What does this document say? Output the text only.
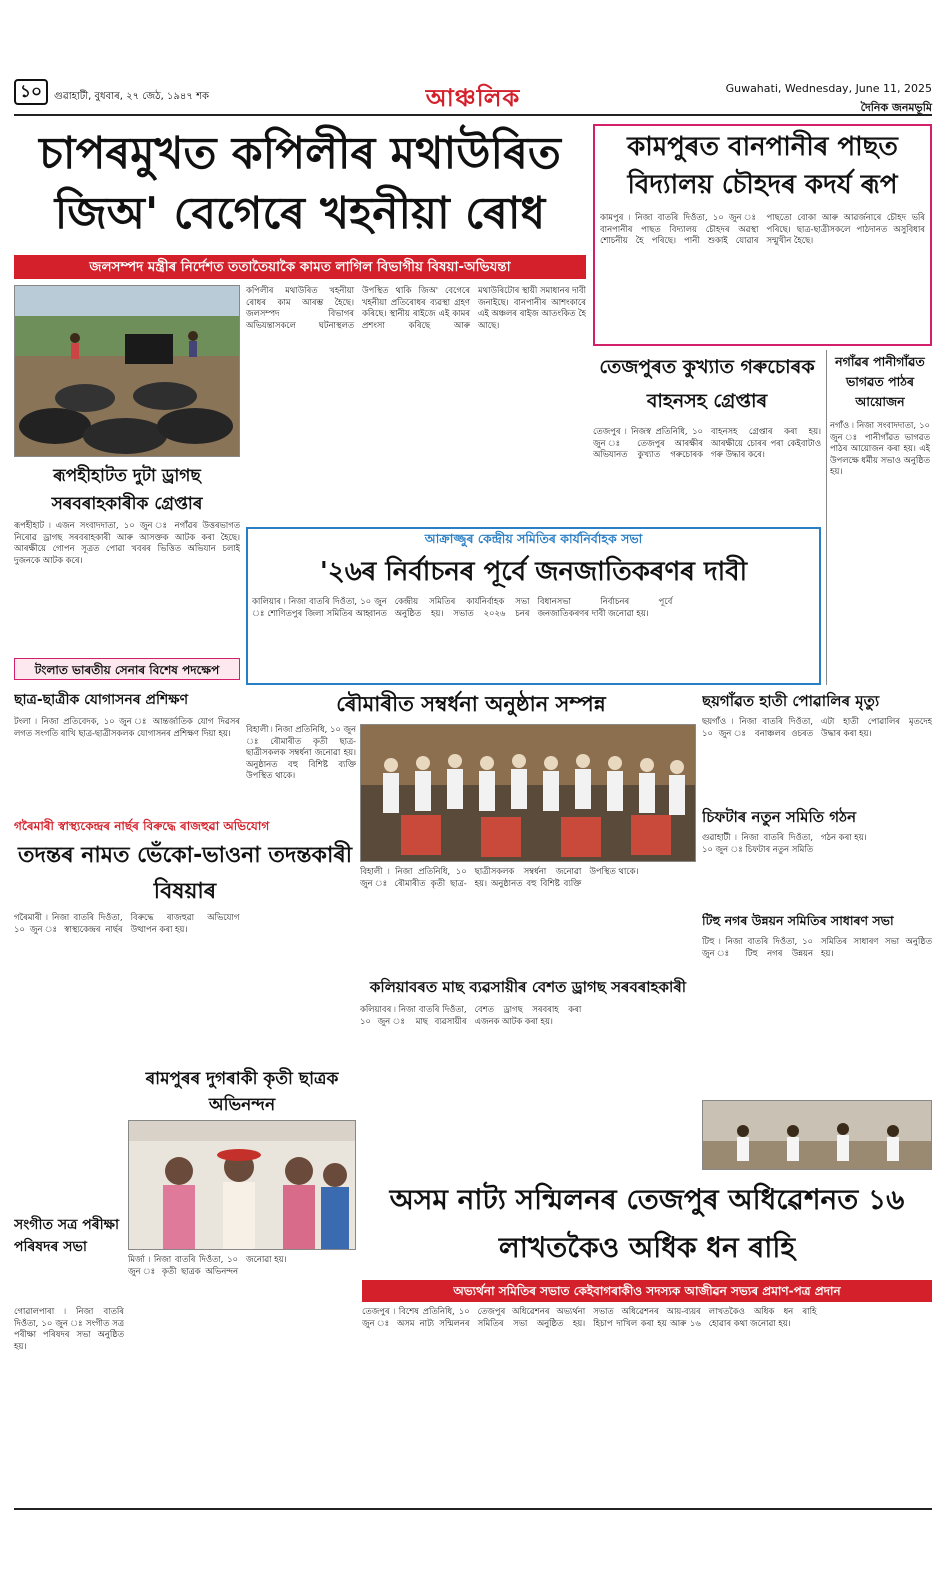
১০	গুৱাহাটী, বুধবাৰ, ২৭ জেঠ, ১৯৪৭ শক	আঞ্চলিক	Guwahati, Wednesday, June 11, 2025
দৈনিক জনমভূমি
চাপৰমুখত কপিলীৰ মথাউৰিত জিঅ' বেগেৰে খহনীয়া ৰোধ
জলসম্পদ মন্ত্ৰীৰ নিৰ্দেশত ততাতৈয়াকৈ কামত লাগিল বিভাগীয় বিষয়া-অভিযন্তা
কপিলীৰ মথাউৰিত খহনীয়া ৰোধৰ কাম আৰম্ভ হৈছে। জলসম্পদ বিভাগৰ অভিযন্তাসকলে ঘটনাস্থলত উপস্থিত থাকি জিঅ' বেগেৰে খহনীয়া প্ৰতিৰোধৰ ব্যৱস্থা গ্ৰহণ কৰিছে। স্থানীয় ৰাইজে এই কামৰ প্ৰশংসা কৰিছে আৰু মথাউৰিটোৰ স্থায়ী সমাধানৰ দাবী জনাইছে। বানপানীৰ আশংকাৰে এই অঞ্চলৰ ৰাইজ আতংকিত হৈ আছে।
কামপুৰত বানপানীৰ পাছত বিদ্যালয় চৌহদৰ কদৰ্য ৰূপ
কামপুৰ ৷ নিজা বাতৰি দিওঁতা, ১০ জুন ঃ বানপানীৰ পাছত বিদ্যালয় চৌহদৰ অৱস্থা শোচনীয় হৈ পৰিছে। পানী শুকাই যোৱাৰ পাছতো বোকা আৰু আৱৰ্জনাৰে চৌহদ ভৰি পৰিছে। ছাত্ৰ-ছাত্ৰীসকলে পাঠদানত অসুবিধাৰ সন্মুখীন হৈছে।
তেজপুৰত কুখ্যাত গৰুচোৰক বাহনসহ গ্ৰেপ্তাৰ
তেজপুৰ ৷ নিজস্ব প্ৰতিনিধি, ১০ জুন ঃ তেজপুৰ আৰক্ষীৰ অভিযানত কুখ্যাত গৰুচোৰক বাহনসহ গ্ৰেপ্তাৰ কৰা হয়। আৰক্ষীয়ে চোৰৰ পৰা কেইবাটাও গৰু উদ্ধাৰ কৰে।
নগাঁৱৰ পানীগাঁৱত ভাগৱত পাঠৰ আয়োজন
নগাঁও ৷ নিজা সংবাদদাতা, ১০ জুন ঃ পানীগাঁৱত ভাগৱত পাঠৰ আয়োজন কৰা হয়। এই উপলক্ষে ধৰ্মীয় সভাও অনুষ্ঠিত হয়।
ৰূপহীহাটত দুটা ড্ৰাগছ সৰবৰাহকাৰীক গ্ৰেপ্তাৰ
ৰূপহীহাট ৷ এজন সংবাদদাতা, ১০ জুন ঃ নগাঁৱৰ উত্তৰভাগত নিৰোৱ ড্ৰাগছ সৰবৰাহকাৰী আৰু আসক্তক আটক কৰা হৈছে। আৰক্ষীয়ে গোপন সূত্ৰত পোৱা খবৰৰ ভিত্তিত অভিযান চলাই দুজনকে আটক কৰে।
টংলাত ভাৰতীয় সেনাৰ বিশেষ পদক্ষেপ
আক্ৰাজ্জুৰ কেন্দ্ৰীয় সমিতিৰ কাৰ্যনিৰ্বাহক সভা
'২৬ৰ নিৰ্বাচনৰ পূৰ্বে জনজাতিকৰণৰ দাবী
কালিয়াৰ ৷ নিজা বাতৰি দিওঁতা, ১০ জুন ঃ শোণিতপুৰ জিলা সমিতিৰ আহ্বানত কেন্দ্ৰীয় সমিতিৰ কাৰ্যনিৰ্বাহক সভা অনুষ্ঠিত হয়। সভাত ২০২৬ চনৰ বিধানসভা নিৰ্বাচনৰ পূৰ্বে জনজাতিকৰণৰ দাবী জনোৱা হয়।
ছাত্ৰ-ছাত্ৰীক যোগাসনৰ প্ৰশিক্ষণ
টংলা ৷ নিজা প্ৰতিবেদক, ১০ জুন ঃ আন্তৰ্জাতিক যোগ দিৱসৰ লগত সংগতি ৰাখি ছাত্ৰ-ছাত্ৰীসকলক যোগাসনৰ প্ৰশিক্ষণ দিয়া হয়।
ৰৌমাৰীত সম্বৰ্ধনা অনুষ্ঠান সম্পন্ন
বিহালী ৷ নিজা প্ৰতিনিধি, ১০ জুন ঃ ৰৌমাৰীত কৃতী ছাত্ৰ-ছাত্ৰীসকলক সম্বৰ্ধনা জনোৱা হয়। অনুষ্ঠানত বহু বিশিষ্ট ব্যক্তি উপস্থিত থাকে।
ছয়গাঁৱত হাতী পোৱালিৰ মৃত্যু
ছয়গাঁও ৷ নিজা বাতৰি দিওঁতা, ১০ জুন ঃ বনাঞ্চলৰ ওচৰত এটা হাতী পোৱালিৰ মৃতদেহ উদ্ধাৰ কৰা হয়।
চিফটাৰ নতুন সমিতি গঠন
গুৱাহাটী ৷ নিজা বাতৰি দিওঁতা, ১০ জুন ঃ চিফটাৰ নতুন সমিতি গঠন কৰা হয়।
টিহু নগৰ উন্নয়ন সমিতিৰ সাধাৰণ সভা
টিহু ৷ নিজা বাতৰি দিওঁতা, ১০ জুন ঃ টিহু নগৰ উন্নয়ন সমিতিৰ সাধাৰণ সভা অনুষ্ঠিত হয়।
গৰৈমাৰী স্বাস্থ্যকেন্দ্ৰৰ নাৰ্ছৰ বিৰুদ্ধে ৰাজহুৱা অভিযোগ
তদন্তৰ নামত ভেঁকো-ভাওনা তদন্তকাৰী বিষয়াৰ
গৰৈমাৰী ৷ নিজা বাতৰি দিওঁতা, ১০ জুন ঃ স্বাস্থ্যকেন্দ্ৰৰ নাৰ্ছৰ বিৰুদ্ধে ৰাজহুৱা অভিযোগ উত্থাপন কৰা হয়।
বিহালী ৷ নিজা প্ৰতিনিধি, ১০ জুন ঃ ৰৌমাৰীত কৃতী ছাত্ৰ-ছাত্ৰীসকলক সম্বৰ্ধনা জনোৱা হয়। অনুষ্ঠানত বহু বিশিষ্ট ব্যক্তি উপস্থিত থাকে।
কলিয়াবৰত মাছ ব্যৱসায়ীৰ বেশত ড্ৰাগছ সৰবৰাহকাৰী
কলিয়াবৰ ৷ নিজা বাতৰি দিওঁতা, ১০ জুন ঃ মাছ ব্যৱসায়ীৰ বেশত ড্ৰাগছ সৰবৰাহ কৰা এজনক আটক কৰা হয়।
ৰামপুৰৰ দুগৰাকী কৃতী ছাত্ৰক অভিনন্দন
মিৰ্জা ৷ নিজা বাতৰি দিওঁতা, ১০ জুন ঃ কৃতী ছাত্ৰক অভিনন্দন জনোৱা হয়।
সংগীত সত্ৰ পৰীক্ষা পৰিষদৰ সভা
গোৱালপাৰা ৷ নিজা বাতৰি দিওঁতা, ১০ জুন ঃ সংগীত সত্ৰ পৰীক্ষা পৰিষদৰ সভা অনুষ্ঠিত হয়।
অসম নাট্য সন্মিলনৰ তেজপুৰ অধিৱেশনত ১৬ লাখতকৈও অধিক ধন ৰাহি
অভ্যৰ্থনা সমিতিৰ সভাত কেইবাগৰাকীও সদস্যক আজীৱন সভ্যৰ প্ৰমাণ-পত্ৰ প্ৰদান
তেজপুৰ ৷ বিশেষ প্ৰতিনিধি, ১০ জুন ঃ অসম নাট্য সন্মিলনৰ তেজপুৰ অধিৱেশনৰ অভ্যৰ্থনা সমিতিৰ সভা অনুষ্ঠিত হয়। সভাত অধিৱেশনৰ আয়-ব্যয়ৰ হিচাপ দাখিল কৰা হয় আৰু ১৬ লাখতকৈও অধিক ধন ৰাহি হোৱাৰ কথা জনোৱা হয়।
